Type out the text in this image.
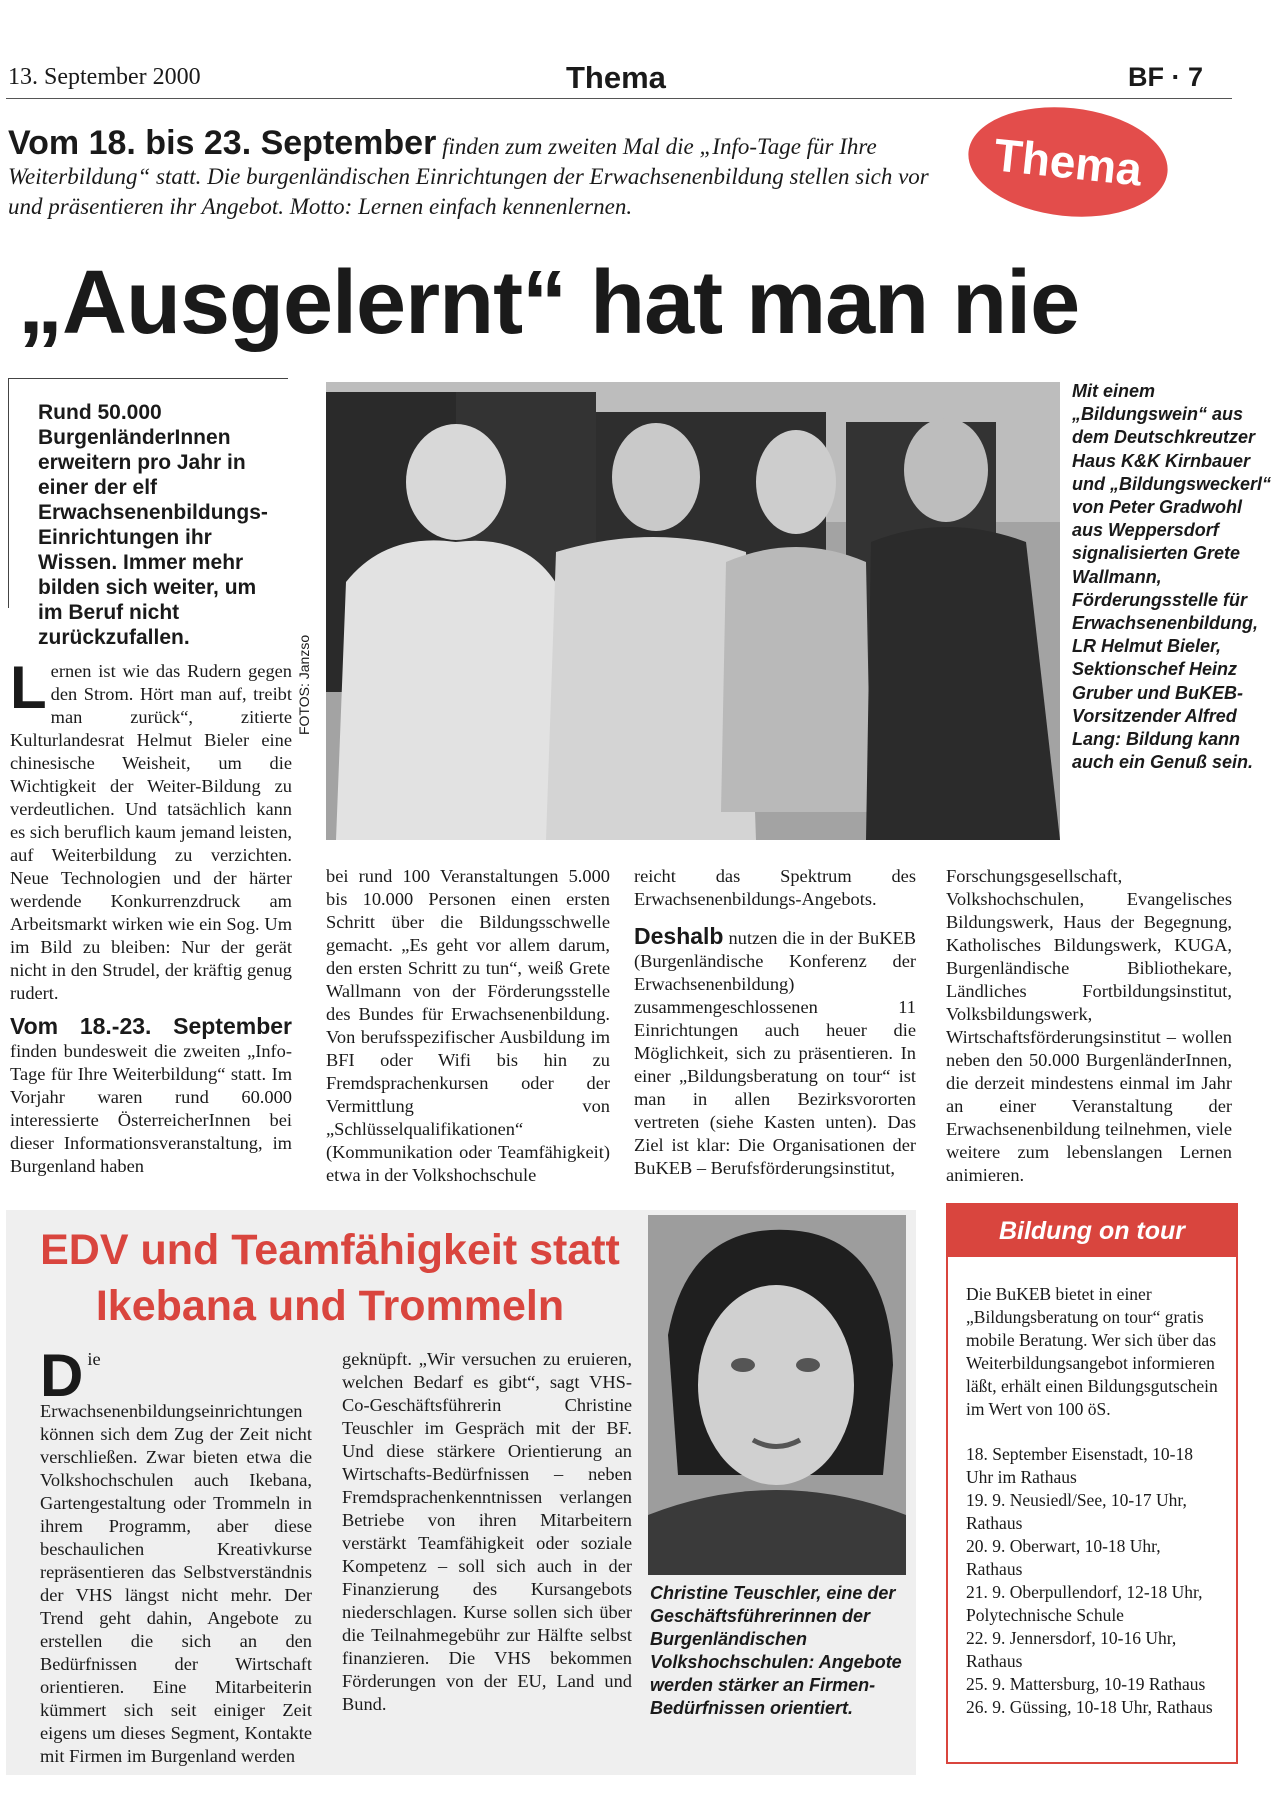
13. September 2000	Thema	BF · 7
Thema
Vom 18. bis 23. September finden zum zweiten Mal die „Info-Tage für Ihre Weiterbildung“ statt. Die burgenländischen Einrichtungen der Erwachsenenbildung stellen sich vor und präsentieren ihr Angebot. Motto: Lernen einfach kennenlernen.
„Ausgelernt“ hat man nie
Rund 50.000 BurgenländerInnen erweitern pro Jahr in einer der elf Erwachsenenbildungs-Einrichtungen ihr Wissen. Immer mehr bilden sich weiter, um im Beruf nicht zurückzufallen.	FOTOS: Janzso
Mit einem „Bildungswein“ aus dem Deutschkreutzer Haus K&K Kirnbauer und „Bildungsweckerl“ von Peter Gradwohl aus Weppersdorf signalisierten Grete Wallmann, Förderungsstelle für Erwachsenenbildung, LR Helmut Bieler, Sektionschef Heinz Gruber und BuKEB-Vorsitzender Alfred Lang: Bildung kann auch ein Genuß sein.
Lernen ist wie das Rudern gegen den Strom. Hört man auf, treibt man zurück“, zitierte Kulturlandesrat Helmut Bieler eine chinesische Weisheit, um die Wichtigkeit der Weiter-Bildung zu verdeutlichen. Und tatsächlich kann es sich beruflich kaum jemand leisten, auf Weiterbildung zu verzichten. Neue Technologien und der härter werdende Konkurrenzdruck am Arbeitsmarkt wirken wie ein Sog. Um im Bild zu bleiben: Nur der gerät nicht in den Strudel, der kräftig genug rudert.
Vom 18.-23. September finden bundesweit die zweiten „Info-Tage für Ihre Weiterbildung“ statt. Im Vorjahr waren rund 60.000 interessierte ÖsterreicherInnen bei dieser Informationsveranstaltung, im Burgenland haben
bei rund 100 Veranstaltungen 5.000 bis 10.000 Personen einen ersten Schritt über die Bildungsschwelle gemacht. „Es geht vor allem darum, den ersten Schritt zu tun“, weiß Grete Wallmann von der Förderungsstelle des Bundes für Erwachsenenbildung. Von berufsspezifischer Ausbildung im BFI oder Wifi bis hin zu Fremdsprachenkursen oder der Vermittlung von „Schlüsselqualifikationen“ (Kommunikation oder Teamfähigkeit) etwa in der Volkshochschule
reicht das Spektrum des Erwachsenenbildungs-Angebots.
Deshalb nutzen die in der BuKEB (Burgenländische Konferenz der Erwachsenenbildung) zusammengeschlossenen 11 Einrichtungen auch heuer die Möglichkeit, sich zu präsentieren. In einer „Bildungsberatung on tour“ ist man in allen Bezirksvororten vertreten (siehe Kasten unten). Das Ziel ist klar: Die Organisationen der BuKEB – Berufsförderungsinstitut,
Forschungsgesellschaft, Volkshochschulen, Evangelisches Bildungswerk, Haus der Begegnung, Katholisches Bildungswerk, KUGA, Burgenländische Bibliothekare, Ländliches Fortbildungsinstitut, Volksbildungswerk, Wirtschaftsförderungsinstitut – wollen neben den 50.000 BurgenländerInnen, die derzeit mindestens einmal im Jahr an einer Veranstaltung der Erwachsenenbildung teilnehmen, viele weitere zum lebenslangen Lernen animieren.
EDV und Teamfähigkeit statt
Ikebana und Trommeln
Die Erwachsenenbildungseinrichtungen können sich dem Zug der Zeit nicht verschließen. Zwar bieten etwa die Volkshochschulen auch Ikebana, Gartengestaltung oder Trommeln in ihrem Programm, aber diese beschaulichen Kreativkurse repräsentieren das Selbstverständnis der VHS längst nicht mehr. Der Trend geht dahin, Angebote zu erstellen die sich an den Bedürfnissen der Wirtschaft orientieren. Eine Mitarbeiterin kümmert sich seit einiger Zeit eigens um dieses Segment, Kontakte mit Firmen im Burgenland werden
geknüpft. „Wir versuchen zu eruieren, welchen Bedarf es gibt“, sagt VHS-Co-Geschäftsführerin Christine Teuschler im Gespräch mit der BF. Und diese stärkere Orientierung an Wirtschafts-Bedürfnissen – neben Fremdsprachenkenntnissen verlangen Betriebe von ihren Mitarbeitern verstärkt Teamfähigkeit oder soziale Kompetenz – soll sich auch in der Finanzierung des Kursangebots niederschlagen. Kurse sollen sich über die Teilnahmegebühr zur Hälfte selbst finanzieren. Die VHS bekommen Förderungen von der EU, Land und Bund.
Christine Teuschler, eine der Geschäftsführerinnen der Burgenländischen Volkshochschulen: Angebote werden stärker an Firmen-Bedürfnissen orientiert.
Bildung on tour

Die BuKEB bietet in einer „Bildungsberatung on tour“ gratis mobile Beratung. Wer sich über das Weiterbildungsangebot informieren läßt, erhält einen Bildungsgutschein im Wert von 100 öS.

18. September Eisenstadt, 10-18 Uhr im Rathaus
19. 9. Neusiedl/See, 10-17 Uhr, Rathaus
20. 9. Oberwart, 10-18 Uhr, Rathaus
21. 9. Oberpullendorf, 12-18 Uhr, Polytechnische Schule
22. 9. Jennersdorf, 10-16 Uhr, Rathaus
25. 9. Mattersburg, 10-19 Rathaus
26. 9. Güssing, 10-18 Uhr, Rathaus
